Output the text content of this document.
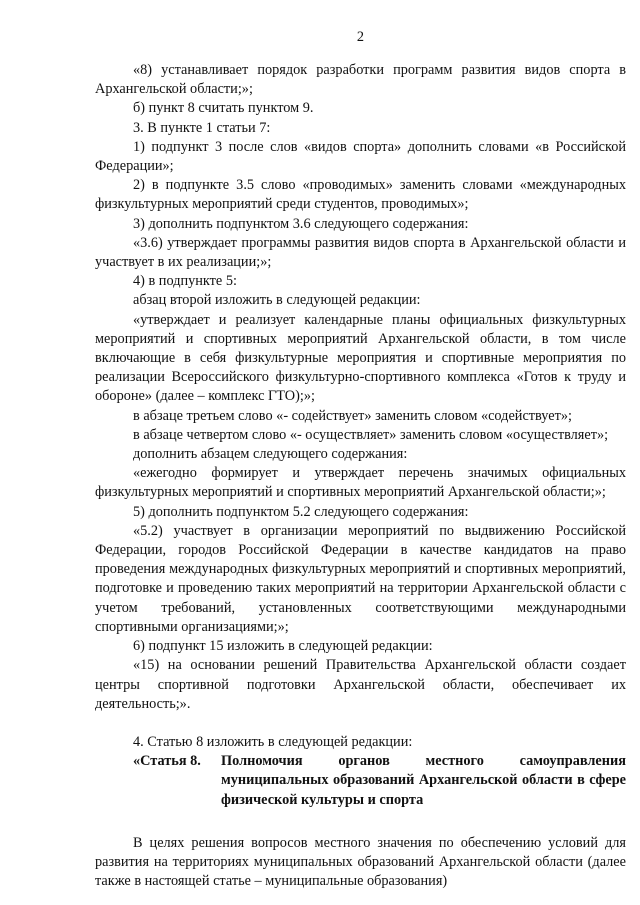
2

«8) устанавливает порядок разработки программ развития видов спорта в Архангельской области;»;

б) пункт 8 считать пунктом 9.

3. В пункте 1 статьи 7:

1) подпункт 3 после слов «видов спорта» дополнить словами «в Российской Федерации»;

2) в подпункте 3.5 слово «проводимых» заменить словами «международных физкультурных мероприятий среди студентов, проводимых»;

3) дополнить подпунктом 3.6 следующего содержания:

«3.6) утверждает программы развития видов спорта в Архангельской области и участвует в их реализации;»;

4) в подпункте 5:

абзац второй изложить в следующей редакции:

«утверждает и реализует календарные планы официальных физкультурных мероприятий и спортивных мероприятий Архангельской области, в том числе включающие в себя физкультурные мероприятия и спортивные мероприятия по реализации Всероссийского физкультурно-спортивного комплекса «Готов к труду и обороне» (далее – комплекс ГТО);»;

в абзаце третьем слово «- содействует» заменить словом «содействует»;

в абзаце четвертом слово «- осуществляет» заменить словом «осуществляет»;

дополнить абзацем следующего содержания:

«ежегодно формирует и утверждает перечень значимых официальных физкультурных мероприятий и спортивных мероприятий Архангельской области;»;

5) дополнить подпунктом 5.2 следующего содержания:

«5.2) участвует в организации мероприятий по выдвижению Российской Федерации, городов Российской Федерации в качестве кандидатов на право проведения международных физкультурных мероприятий и спортивных мероприятий, подготовке и проведению таких мероприятий на территории Архангельской области с учетом требований, установленных соответствующими международными спортивными организациями;»;

6) подпункт 15 изложить в следующей редакции:

«15) на основании решений Правительства Архангельской области создает центры спортивной подготовки Архангельской области, обеспечивает их деятельность;».

4. Статью 8 изложить в следующей редакции:

«Статья 8.	Полномочия органов местного самоуправления муниципальных образований Архангельской области в сфере физической культуры и спорта

В целях решения вопросов местного значения по обеспечению условий для развития на территориях муниципальных образований Архангельской области (далее также в настоящей статье – муниципальные образования)
